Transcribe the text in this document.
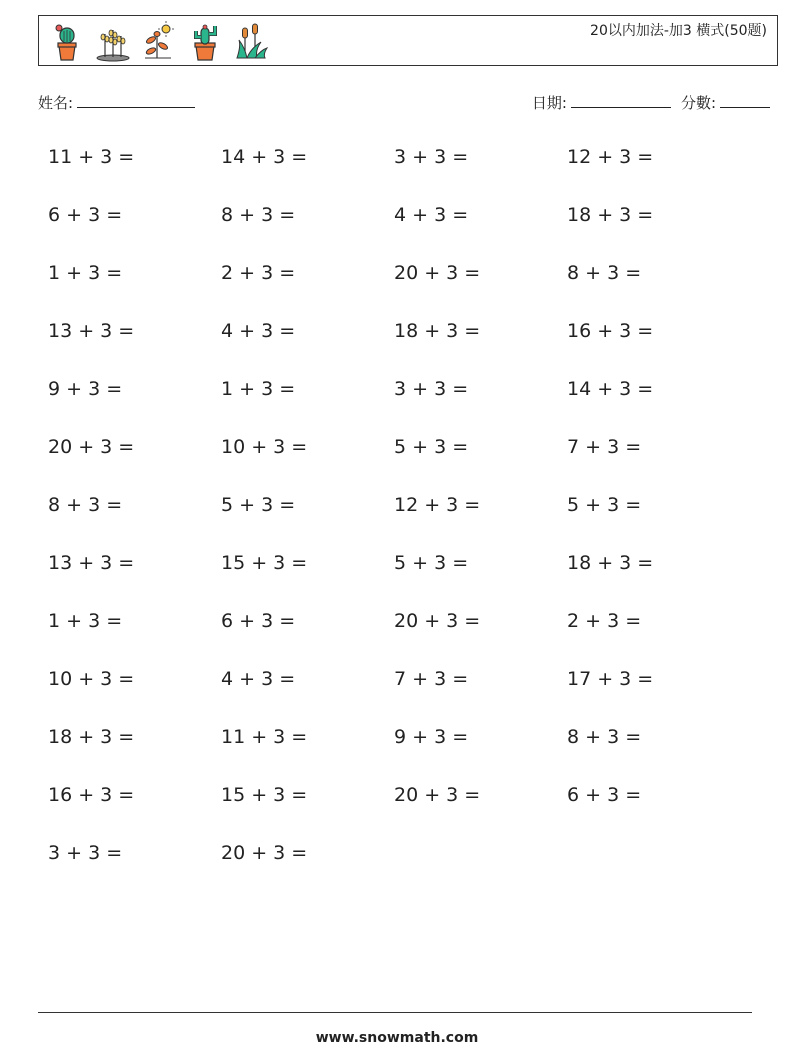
20以内加法-加3 横式(50题)
姓名:	日期:	分數:
11 + 3 =	14 + 3 =	3 + 3 =	12 + 3 =
6 + 3 =	8 + 3 =	4 + 3 =	18 + 3 =
1 + 3 =	2 + 3 =	20 + 3 =	8 + 3 =
13 + 3 =	4 + 3 =	18 + 3 =	16 + 3 =
9 + 3 =	1 + 3 =	3 + 3 =	14 + 3 =
20 + 3 =	10 + 3 =	5 + 3 =	7 + 3 =
8 + 3 =	5 + 3 =	12 + 3 =	5 + 3 =
13 + 3 =	15 + 3 =	5 + 3 =	18 + 3 =
1 + 3 =	6 + 3 =	20 + 3 =	2 + 3 =
10 + 3 =	4 + 3 =	7 + 3 =	17 + 3 =
18 + 3 =	11 + 3 =	9 + 3 =	8 + 3 =
16 + 3 =	15 + 3 =	20 + 3 =	6 + 3 =
3 + 3 =	20 + 3 =
www.snowmath.com
